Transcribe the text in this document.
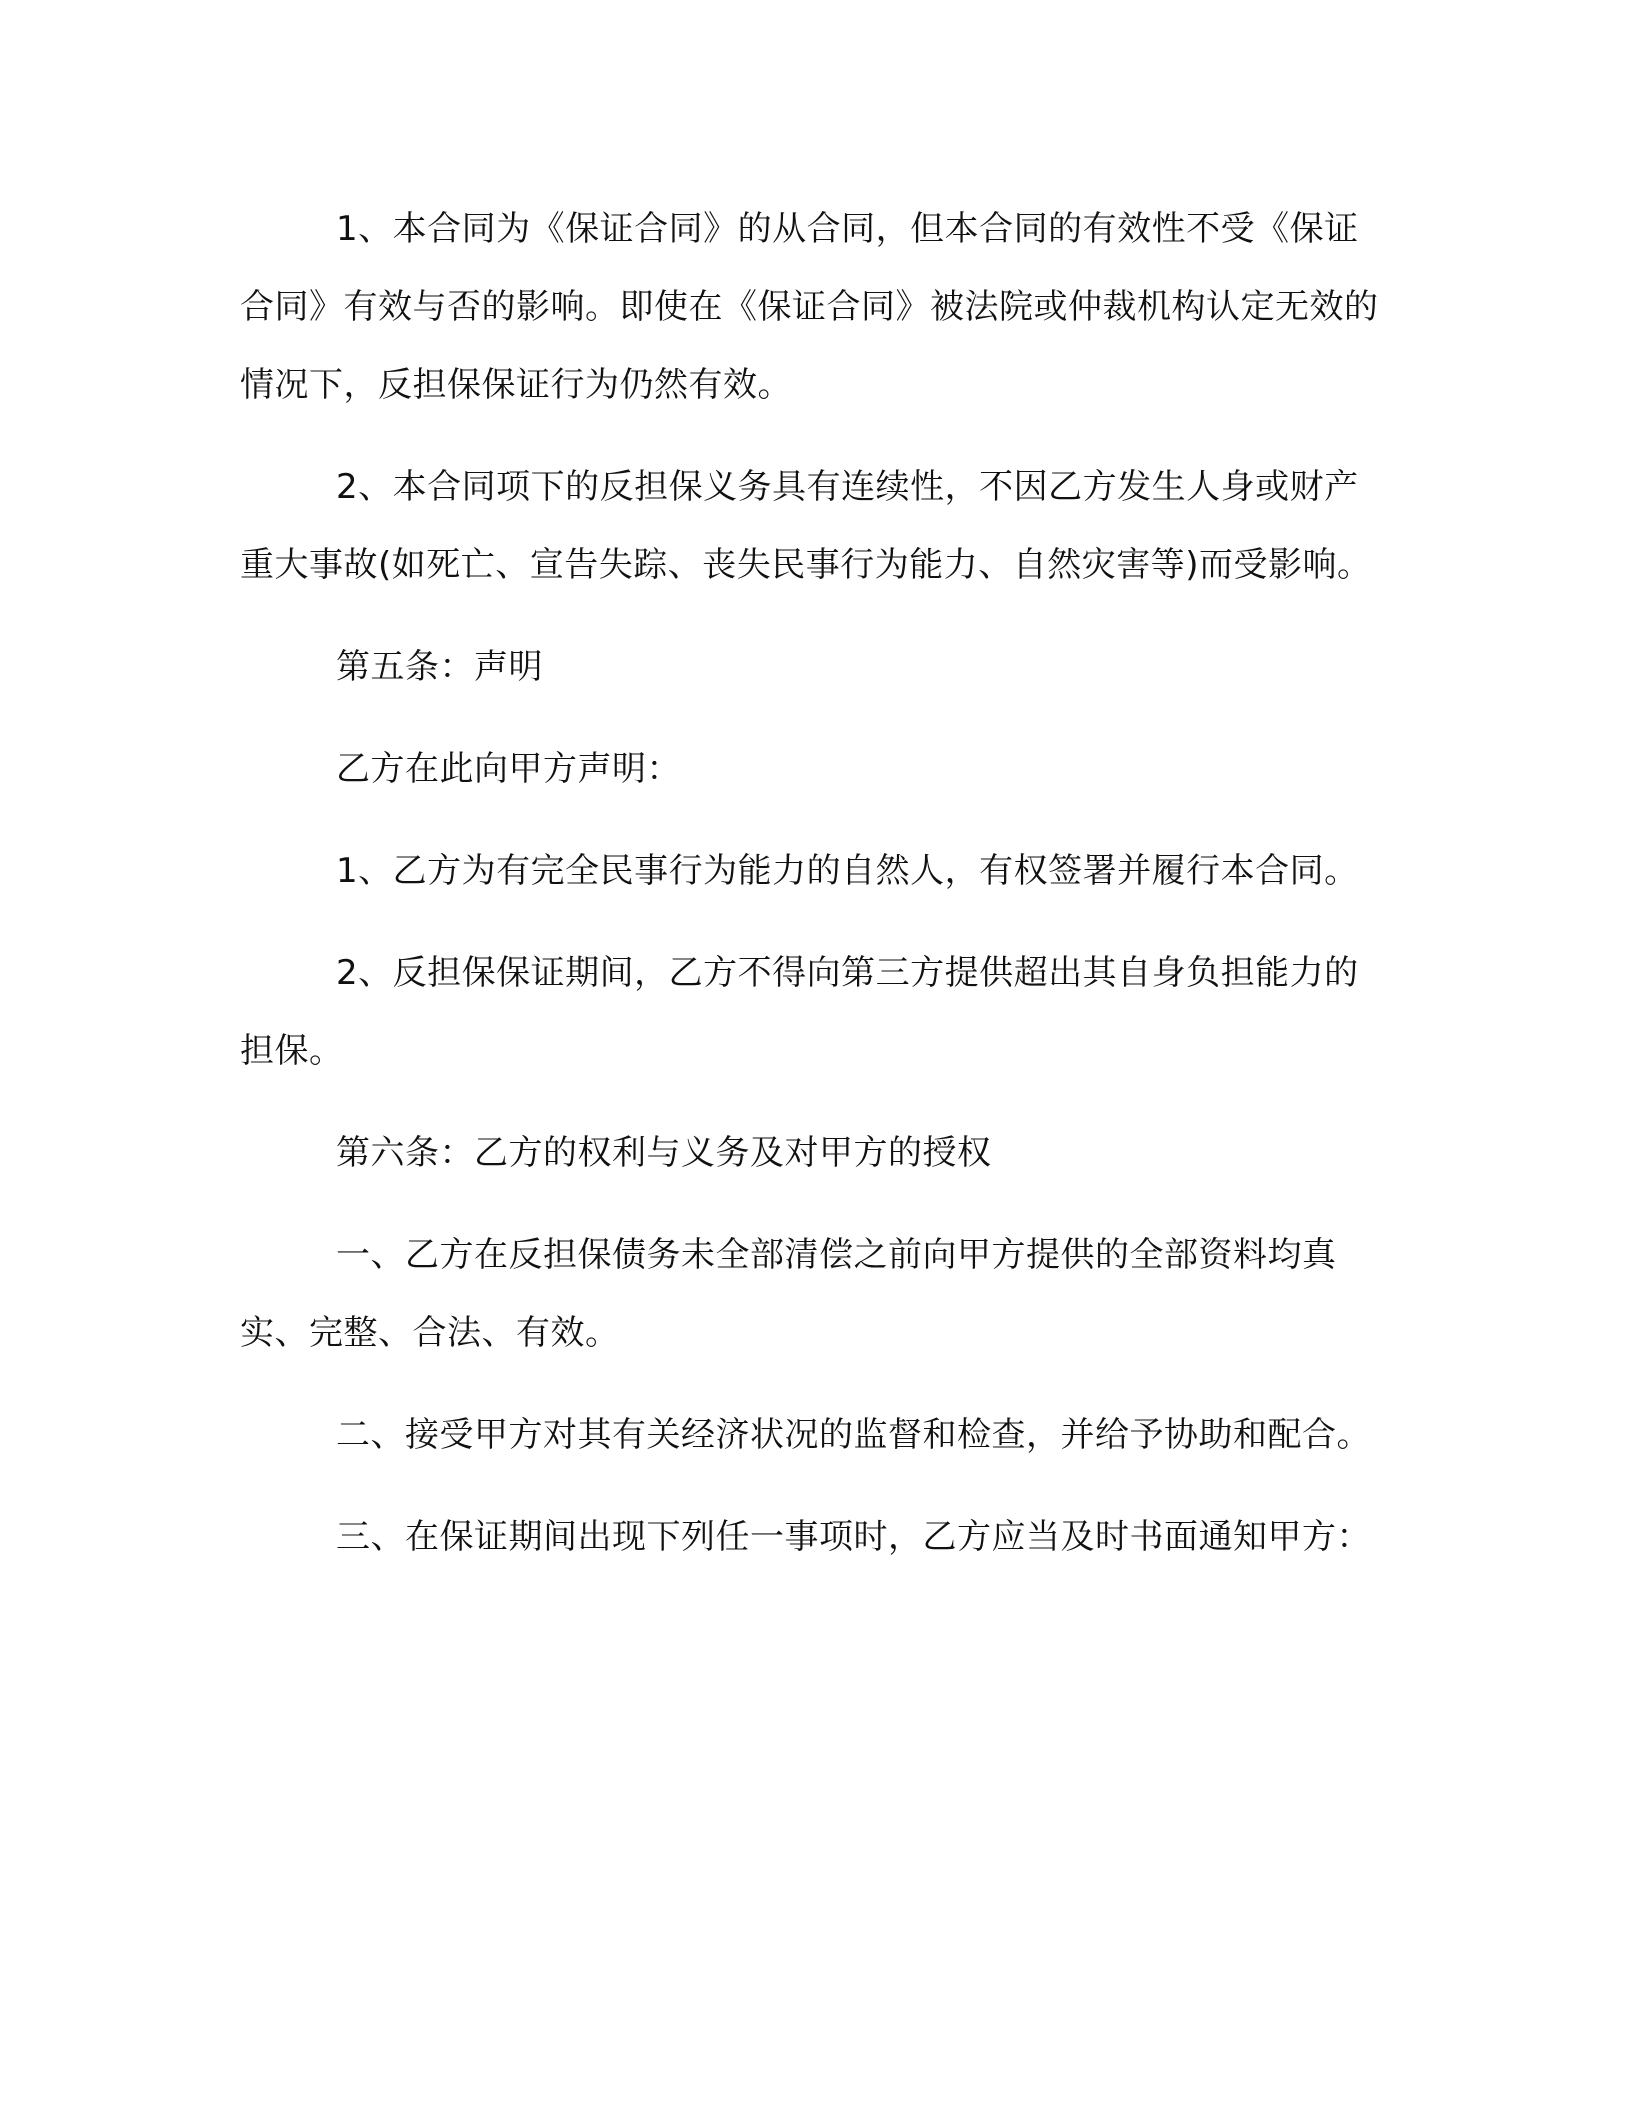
1、本合同为《保证合同》的从合同，但本合同的有效性不受《保证合同》有效与否的影响。即使在《保证合同》被法院或仲裁机构认定无效的情况下，反担保保证行为仍然有效。

2、本合同项下的反担保义务具有连续性，不因乙方发生人身或财产重大事故(如死亡、宣告失踪、丧失民事行为能力、自然灾害等)而受影响。

第五条：声明

乙方在此向甲方声明：

1、乙方为有完全民事行为能力的自然人，有权签署并履行本合同。

2、反担保保证期间，乙方不得向第三方提供超出其自身负担能力的担保。

第六条：乙方的权利与义务及对甲方的授权

一、乙方在反担保债务未全部清偿之前向甲方提供的全部资料均真实、完整、合法、有效。

二、接受甲方对其有关经济状况的监督和检查，并给予协助和配合。

三、在保证期间出现下列任一事项时，乙方应当及时书面通知甲方：
